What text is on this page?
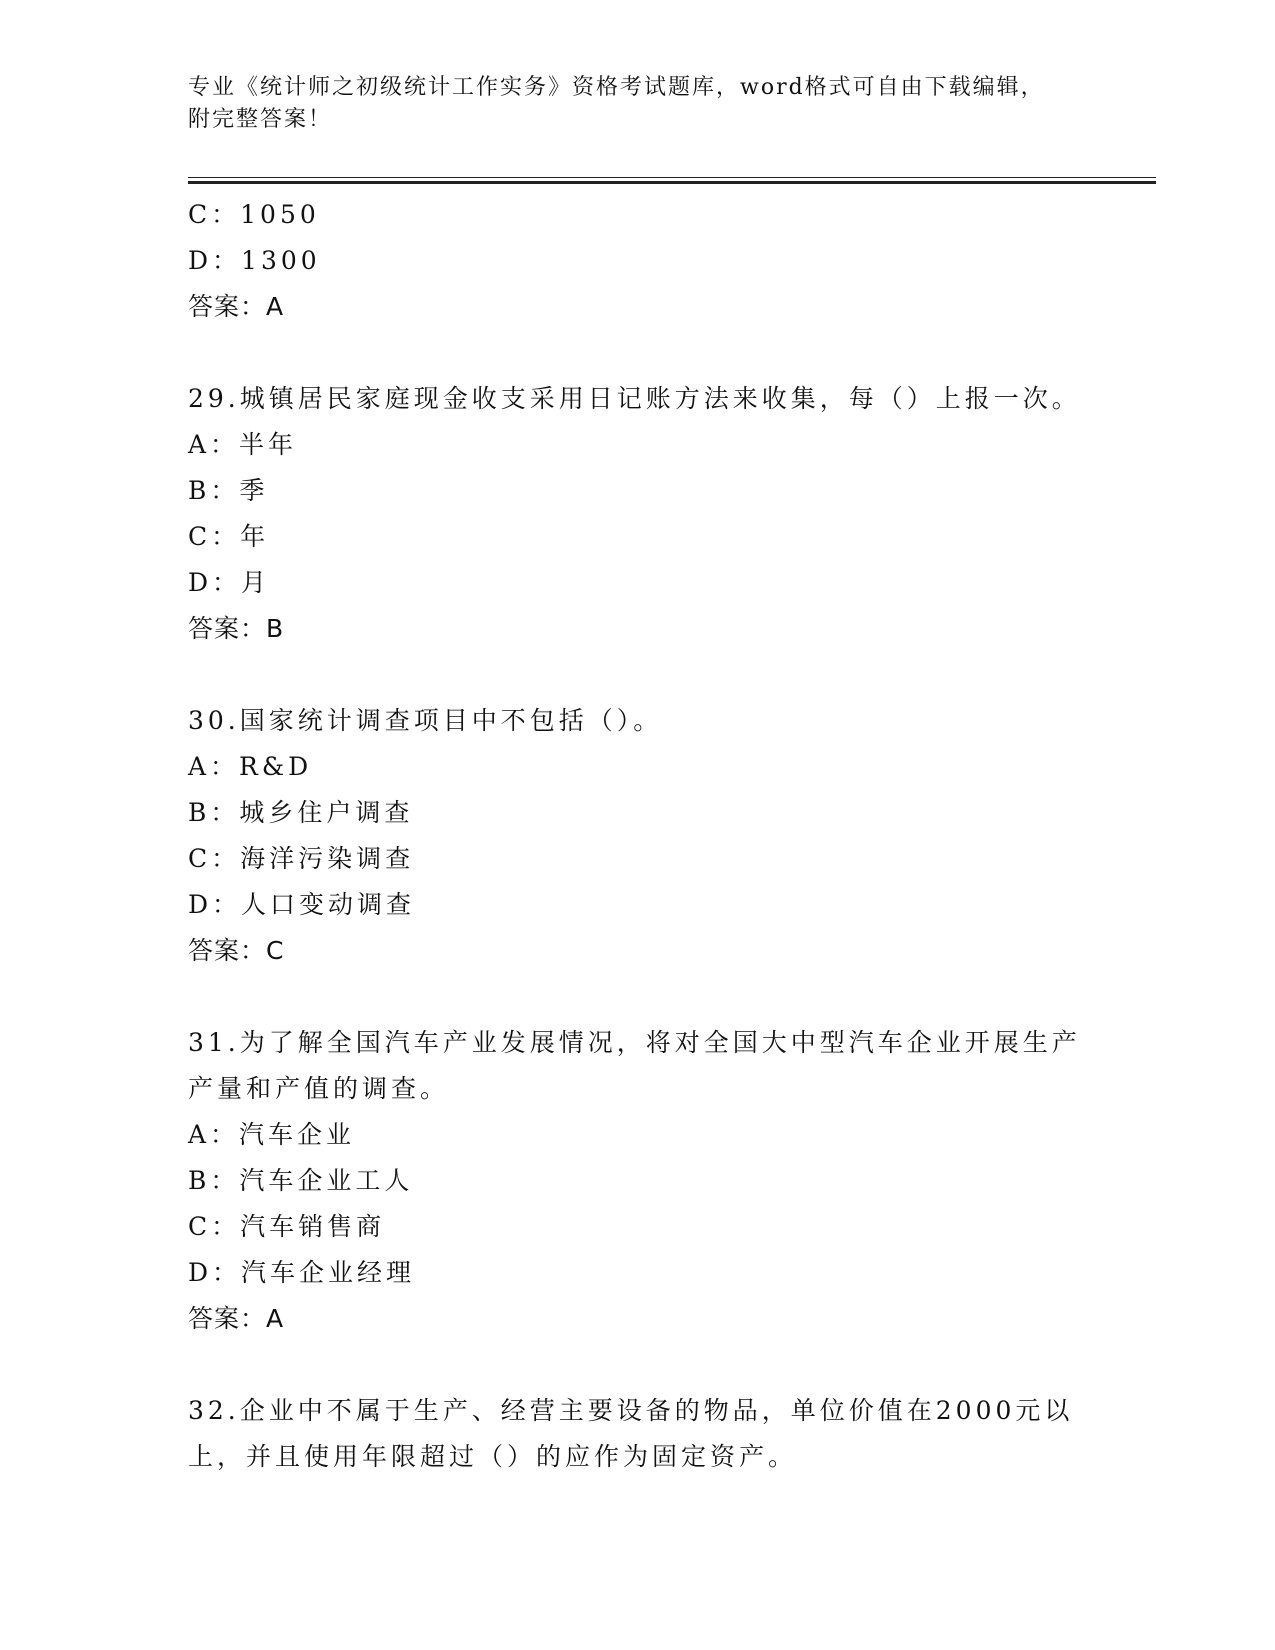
专业《统计师之初级统计工作实务》资格考试题库，word格式可自由下载编辑，
附完整答案！
C：1050
D：1300
答案：A
29.城镇居民家庭现金收支采用日记账方法来收集，每（）上报一次。
A：半年
B：季
C：年
D：月
答案：B
30.国家统计调查项目中不包括（）。
A：R&D
B：城乡住户调查
C：海洋污染调查
D：人口变动调查
答案：C
31.为了解全国汽车产业发展情况，将对全国大中型汽车企业开展生产
产量和产值的调查。
A：汽车企业
B：汽车企业工人
C：汽车销售商
D：汽车企业经理
答案：A
32.企业中不属于生产、经营主要设备的物品，单位价值在2000元以
上，并且使用年限超过（）的应作为固定资产。
